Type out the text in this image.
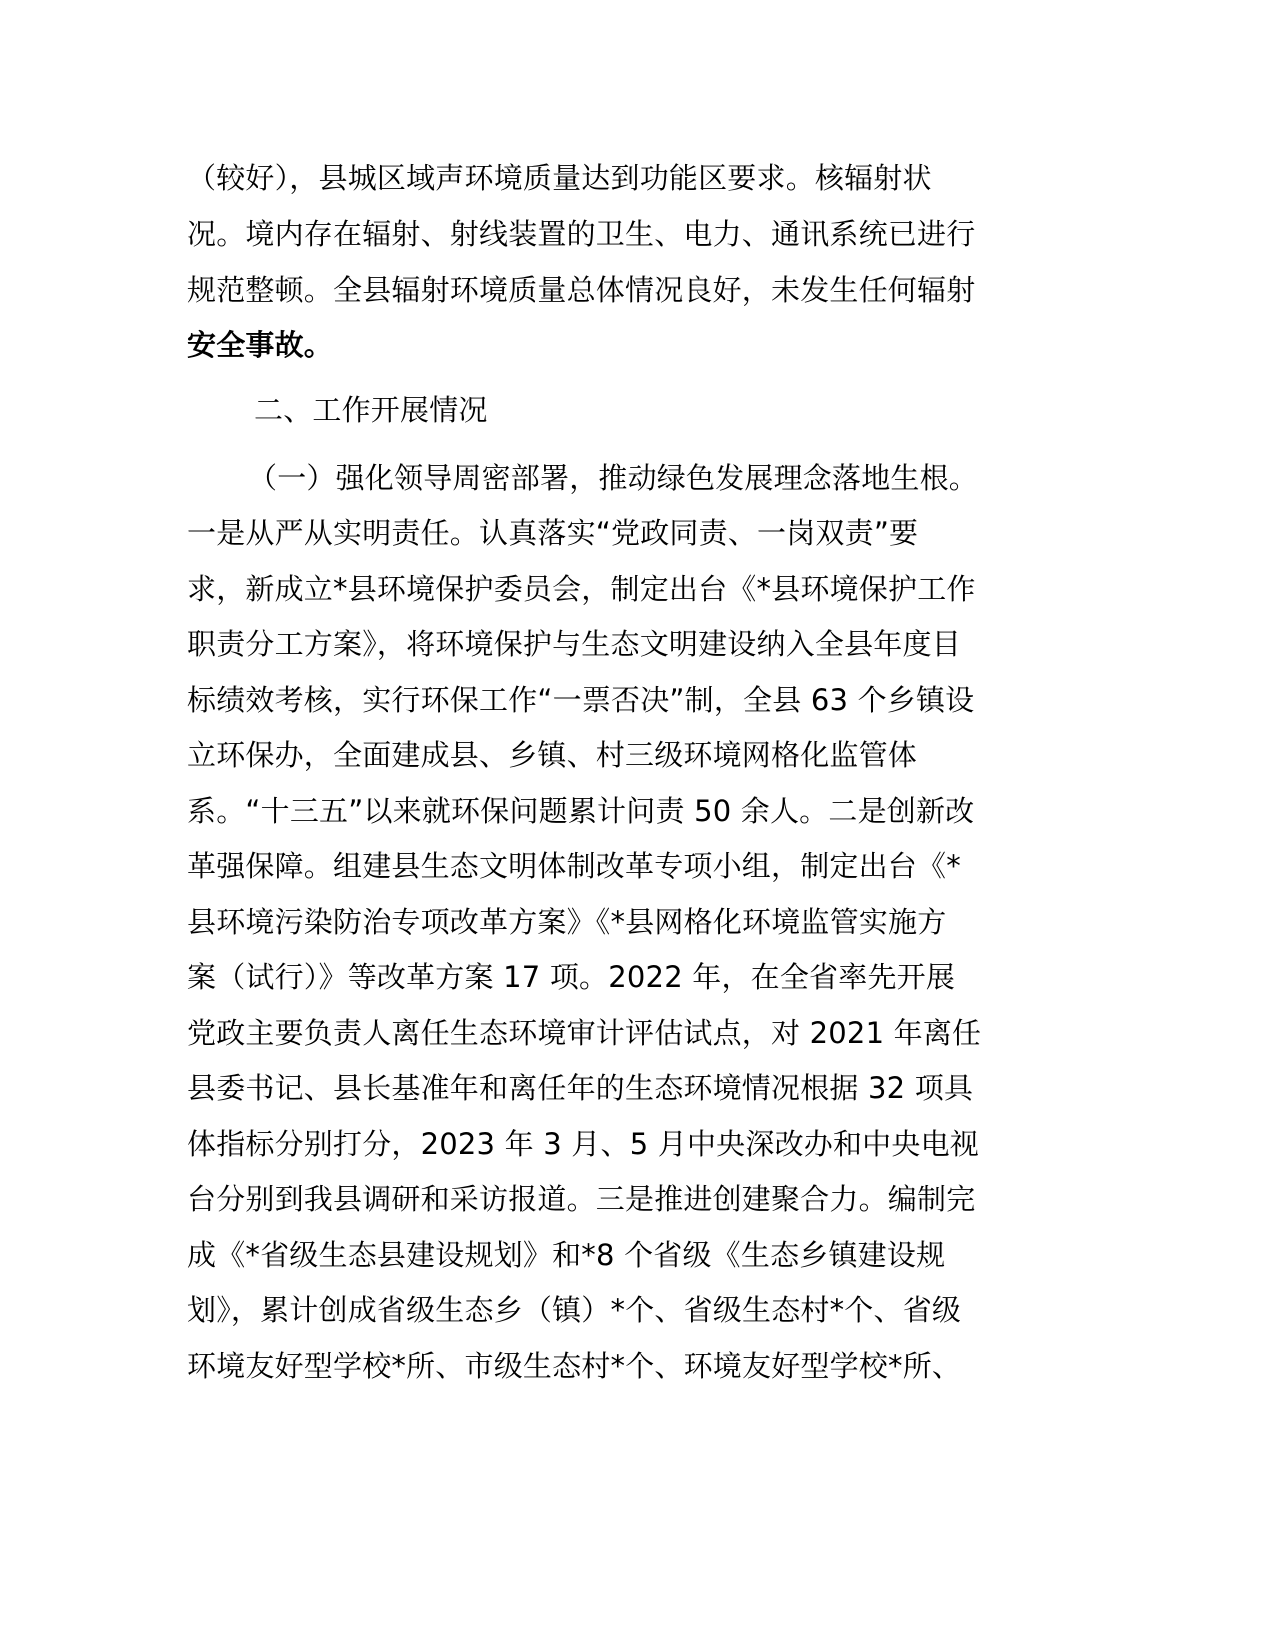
（较好），县城区域声环境质量达到功能区要求。核辐射状
况。境内存在辐射、射线装置的卫生、电力、通讯系统已进行
规范整顿。全县辐射环境质量总体情况良好，未发生任何辐射
安全事故。
二、工作开展情况
（一）强化领导周密部署，推动绿色发展理念落地生根。
一是从严从实明责任。认真落实“党政同责、一岗双责”要
求，新成立*县环境保护委员会，制定出台《*县环境保护工作
职责分工方案》，将环境保护与生态文明建设纳入全县年度目
标绩效考核，实行环保工作“一票否决”制，全县 63 个乡镇设
立环保办，全面建成县、乡镇、村三级环境网格化监管体
系。“十三五”以来就环保问题累计问责 50 余人。二是创新改
革强保障。组建县生态文明体制改革专项小组，制定出台《*
县环境污染防治专项改革方案》《*县网格化环境监管实施方
案（试行）》等改革方案 17 项。2022 年，在全省率先开展
党政主要负责人离任生态环境审计评估试点，对 2021 年离任
县委书记、县长基准年和离任年的生态环境情况根据 32 项具
体指标分别打分，2023 年 3 月、5 月中央深改办和中央电视
台分别到我县调研和采访报道。三是推进创建聚合力。编制完
成《*省级生态县建设规划》和*8 个省级《生态乡镇建设规
划》，累计创成省级生态乡（镇）*个、省级生态村*个、省级
环境友好型学校*所、市级生态村*个、环境友好型学校*所、
